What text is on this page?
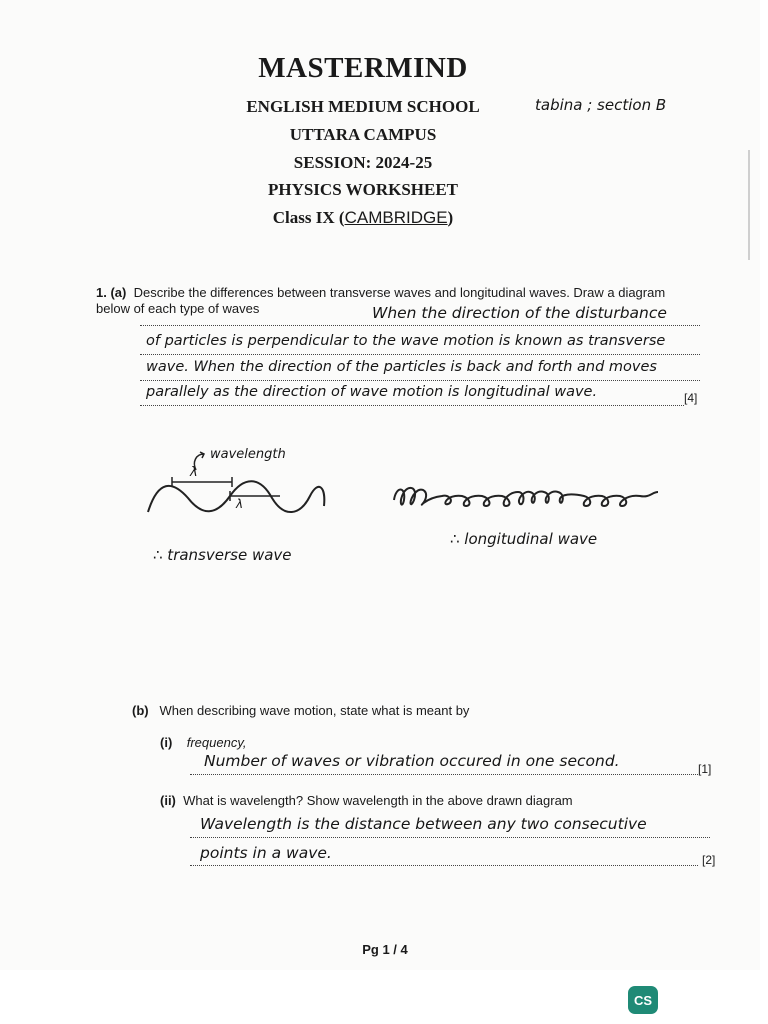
MASTERMIND
ENGLISH MEDIUM SCHOOL
UTTARA CAMPUS
SESSION: 2024-25
PHYSICS WORKSHEET
Class IX (CAMBRIDGE)
tabina ; section B
1. (a) Describe the differences between transverse waves and longitudinal waves. Draw a diagram below of each type of waves	When the direction of the disturbance
of particles is perpendicular to the wave motion is known as transverse
wave. When the direction of the particles is back and forth and moves
parallely as the direction of wave motion is longitudinal wave.	[4]
wavelength
λ
λ
∴ transverse wave
∴ longitudinal wave
(b) When describing wave motion, state what is meant by
(i) frequency,
Number of waves or vibration occured in one second.	[1]
(ii) What is wavelength? Show wavelength in the above drawn diagram
Wavelength is the distance between any two consecutive
points in a wave.	[2]
Pg 1 / 4
CS
